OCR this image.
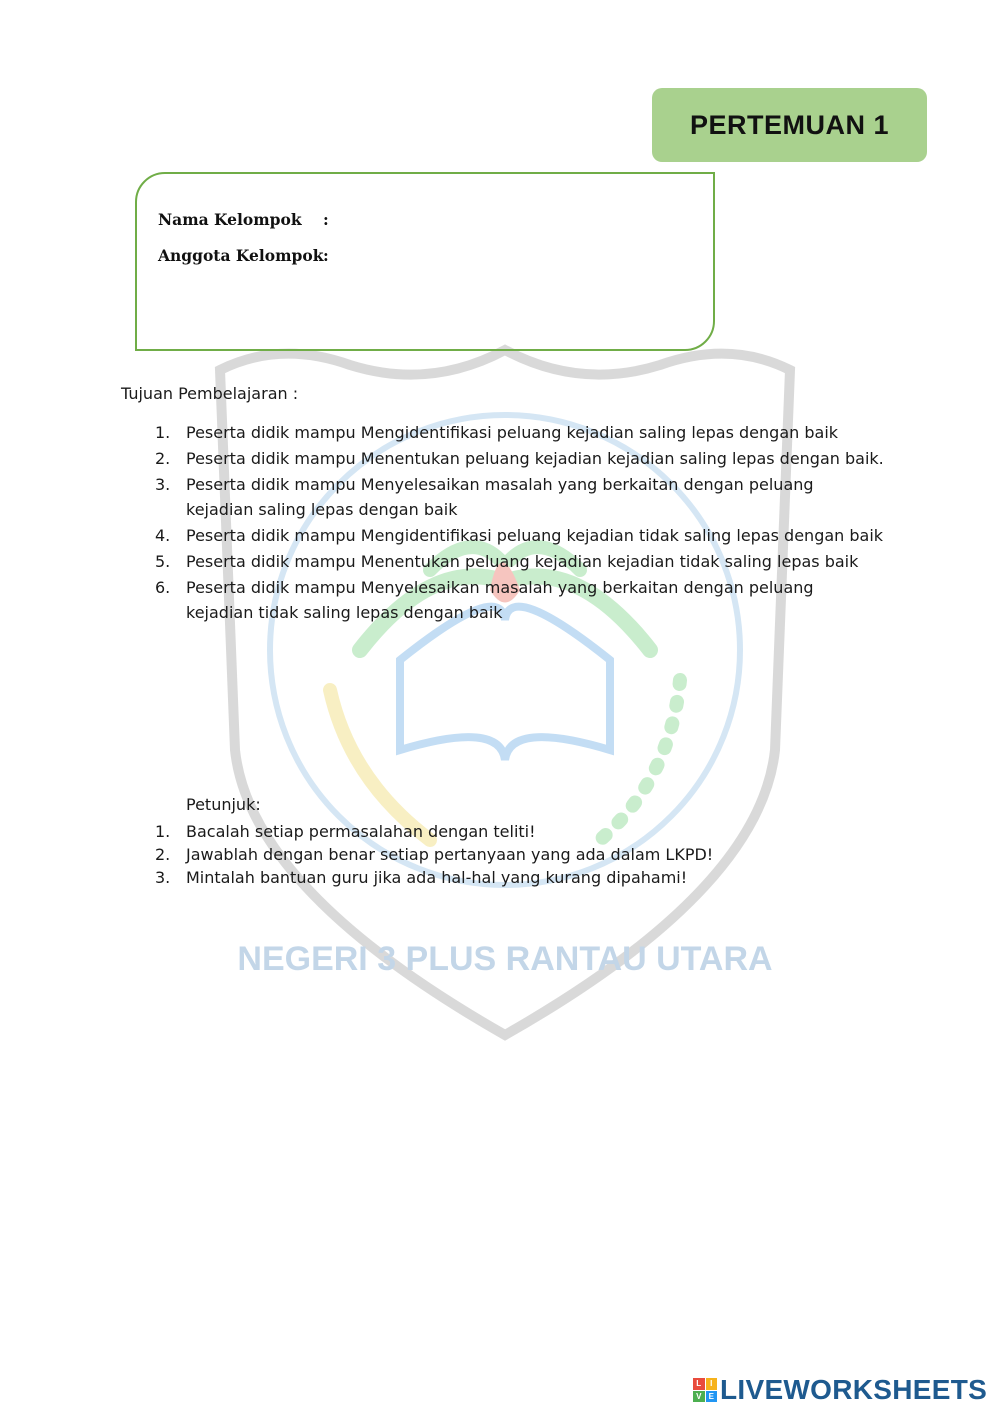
NEGERI 3 PLUS RANTAU UTARA
PERTEMUAN 1
Nama Kelompok :
Anggota Kelompok :
Tujuan Pembelajaran :
1. Peserta didik mampu Mengidentifikasi peluang kejadian saling lepas dengan baik
2. Peserta didik mampu Menentukan peluang kejadian kejadian saling lepas dengan baik.
3. Peserta didik mampu Menyelesaikan masalah yang berkaitan dengan peluang kejadian saling lepas dengan baik
4. Peserta didik mampu Mengidentifikasi peluang kejadian tidak saling lepas dengan baik
5. Peserta didik mampu Menentukan peluang kejadian kejadian tidak saling lepas baik
6. Peserta didik mampu Menyelesaikan masalah yang berkaitan dengan peluang kejadian tidak saling lepas dengan baik
Petunjuk:
1. Bacalah setiap permasalahan dengan teliti!
2. Jawablah dengan benar setiap pertanyaan yang ada dalam LKPD!
3. Mintalah bantuan guru jika ada hal-hal yang kurang dipahami!
L	I
V E LIVEWORKSHEETS
